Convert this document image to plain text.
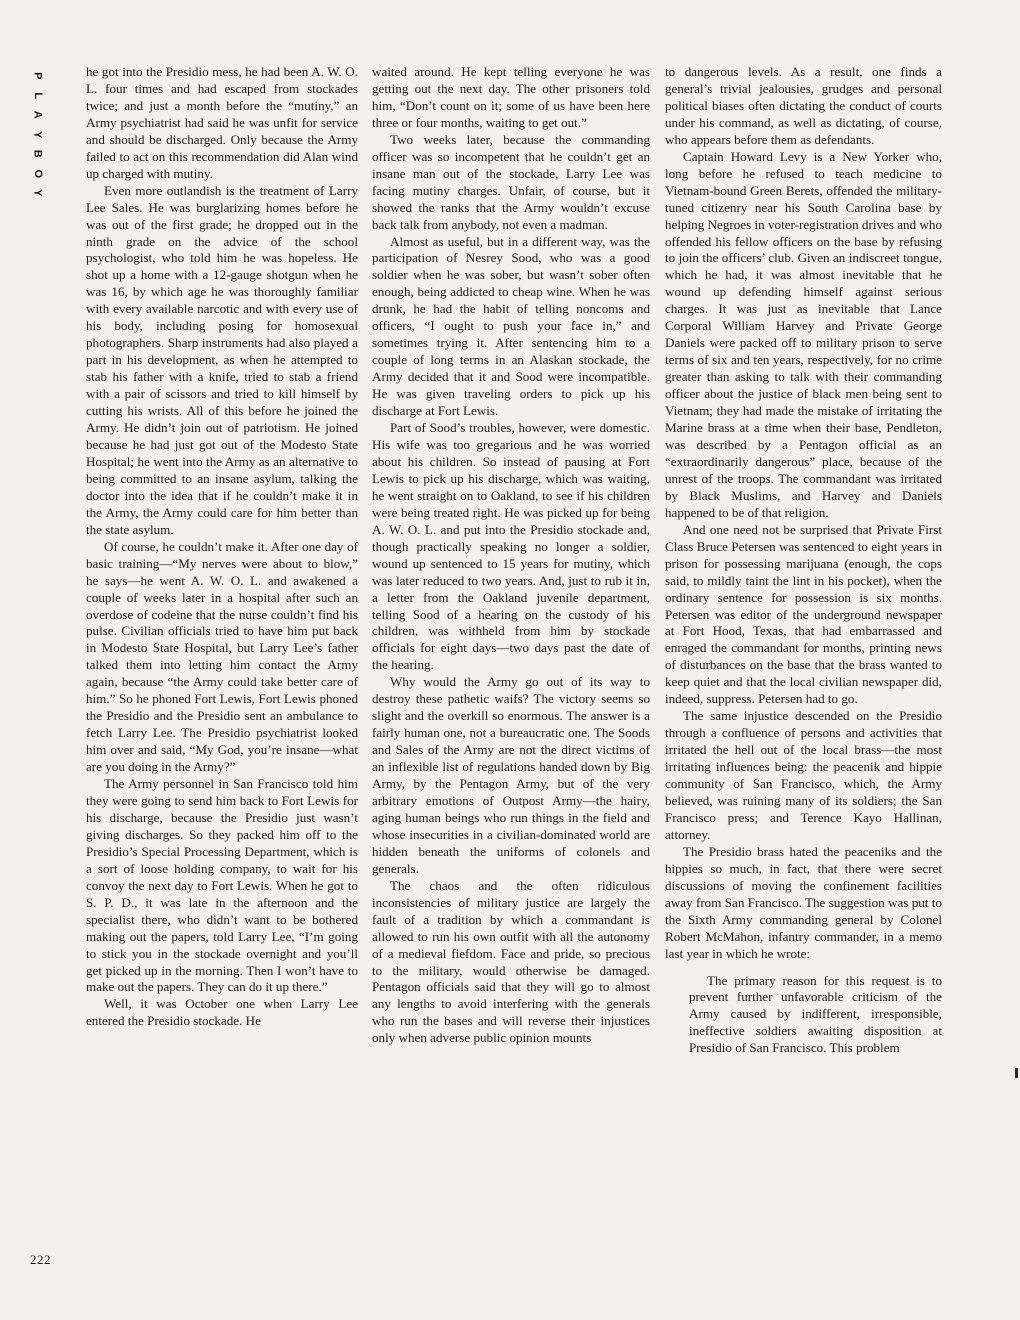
P
L
A
Y
B
O
Y
222

he got into the Presidio mess, he had been A. W. O. L. four times and had escaped from stockades twice; and just a month before the “mutiny,” an Army psychiatrist had said he was unfit for service and should be discharged. Only because the Army failed to act on this recommendation did Alan wind up charged with mutiny.

Even more outlandish is the treatment of Larry Lee Sales. He was burglarizing homes before he was out of the first grade; he dropped out in the ninth grade on the advice of the school psychologist, who told him he was hopeless. He shot up a home with a 12-gauge shotgun when he was 16, by which age he was thoroughly familiar with every available narcotic and with every use of his body, including posing for homosexual photographers. Sharp instruments had also played a part in his development, as when he attempted to stab his father with a knife, tried to stab a friend with a pair of scissors and tried to kill himself by cutting his wrists. All of this before he joined the Army. He didn’t join out of patriotism. He joined because he had just got out of the Modesto State Hospital; he went into the Army as an alternative to being committed to an insane asylum, talking the doctor into the idea that if he couldn’t make it in the Army, the Army could care for him better than the state asylum.

Of course, he couldn’t make it. After one day of basic training—“My nerves were about to blow,” he says—he went A. W. O. L. and awakened a couple of weeks later in a hospital after such an overdose of codeine that the nurse couldn’t find his pulse. Civilian officials tried to have him put back in Modesto State Hospital, but Larry Lee’s father talked them into letting him contact the Army again, because “the Army could take better care of him.” So he phoned Fort Lewis, Fort Lewis phoned the Presidio and the Presidio sent an ambulance to fetch Larry Lee. The Presidio psychiatrist looked him over and said, “My God, you’re insane—what are you doing in the Army?”

The Army personnel in San Francisco told him they were going to send him back to Fort Lewis for his discharge, because the Presidio just wasn’t giving discharges. So they packed him off to the Presidio’s Special Processing Department, which is a sort of loose holding company, to wait for his convoy the next day to Fort Lewis. When he got to S. P. D., it was late in the afternoon and the specialist there, who didn’t want to be bothered making out the papers, told Larry Lee, “I’m going to stick you in the stockade overnight and you’ll get picked up in the morning. Then I won’t have to make out the papers. They can do it up there.”

Well, it was October one when Larry Lee entered the Presidio stockade. He

waited around. He kept telling everyone he was getting out the next day. The other prisoners told him, “Don’t count on it; some of us have been here three or four months, waiting to get out.”

Two weeks later, because the commanding officer was so incompetent that he couldn’t get an insane man out of the stockade, Larry Lee was facing mutiny charges. Unfair, of course, but it showed the ranks that the Army wouldn’t excuse back talk from anybody, not even a madman.

Almost as useful, but in a different way, was the participation of Nesrey Sood, who was a good soldier when he was sober, but wasn’t sober often enough, being addicted to cheap wine. When he was drunk, he had the habit of telling noncoms and officers, “I ought to push your face in,” and sometimes trying it. After sentencing him to a couple of long terms in an Alaskan stockade, the Army decided that it and Sood were incompatible. He was given traveling orders to pick up his discharge at Fort Lewis.

Part of Sood’s troubles, however, were domestic. His wife was too gregarious and he was worried about his children. So instead of pausing at Fort Lewis to pick up his discharge, which was waiting, he went straight on to Oakland, to see if his children were being treated right. He was picked up for being A. W. O. L. and put into the Presidio stockade and, though practically speaking no longer a soldier, wound up sentenced to 15 years for mutiny, which was later reduced to two years. And, just to rub it in, a letter from the Oakland juvenile department, telling Sood of a hearing on the custody of his children, was withheld from him by stockade officials for eight days—two days past the date of the hearing.

Why would the Army go out of its way to destroy these pathetic waifs? The victory seems so slight and the overkill so enormous. The answer is a fairly human one, not a bureaucratic one. The Soods and Sales of the Army are not the direct victims of an inflexible list of regulations handed down by Big Army, by the Pentagon Army, but of the very arbitrary emotions of Outpost Army—the hairy, aging human beings who run things in the field and whose insecurities in a civilian-dominated world are hidden beneath the uniforms of colonels and generals.

The chaos and the often ridiculous inconsistencies of military justice are largely the fault of a tradition by which a commandant is allowed to run his own outfit with all the autonomy of a medieval fiefdom. Face and pride, so precious to the military, would otherwise be damaged. Pentagon officials said that they will go to almost any lengths to avoid interfering with the generals who run the bases and will reverse their injustices only when adverse public opinion mounts

to dangerous levels. As a result, one finds a general’s trivial jealousies, grudges and personal political biases often dictating the conduct of courts under his command, as well as dictating, of course, who appears before them as defendants.

Captain Howard Levy is a New Yorker who, long before he refused to teach medicine to Vietnam-bound Green Berets, offended the military-tuned citizenry near his South Carolina base by helping Negroes in voter-registration drives and who offended his fellow officers on the base by refusing to join the officers’ club. Given an indiscreet tongue, which he had, it was almost inevitable that he wound up defending himself against serious charges. It was just as inevitable that Lance Corporal William Harvey and Private George Daniels were packed off to military prison to serve terms of six and ten years, respectively, for no crime greater than asking to talk with their commanding officer about the justice of black men being sent to Vietnam; they had made the mistake of irritating the Marine brass at a time when their base, Pendleton, was described by a Pentagon official as an “extraordinarily dangerous” place, because of the unrest of the troops. The commandant was irritated by Black Muslims, and Harvey and Daniels happened to be of that religion.

And one need not be surprised that Private First Class Bruce Petersen was sentenced to eight years in prison for possessing marijuana (enough, the cops said, to mildly taint the lint in his pocket), when the ordinary sentence for possession is six months. Petersen was editor of the underground newspaper at Fort Hood, Texas, that had embarrassed and enraged the commandant for months, printing news of disturbances on the base that the brass wanted to keep quiet and that the local civilian newspaper did, indeed, suppress. Petersen had to go.

The same injustice descended on the Presidio through a confluence of persons and activities that irritated the hell out of the local brass—the most irritating influences being: the peacenik and hippie community of San Francisco, which, the Army believed, was ruining many of its soldiers; the San Francisco press; and Terence Kayo Hallinan, attorney.

The Presidio brass hated the peaceniks and the hippies so much, in fact, that there were secret discussions of moving the confinement facilities away from San Francisco. The suggestion was put to the Sixth Army commanding general by Colonel Robert McMahon, infantry commander, in a memo last year in which he wrote:

The primary reason for this request is to prevent further unfavorable criticism of the Army caused by indifferent, irresponsible, ineffective soldiers awaiting disposition at Presidio of San Francisco. This problem
